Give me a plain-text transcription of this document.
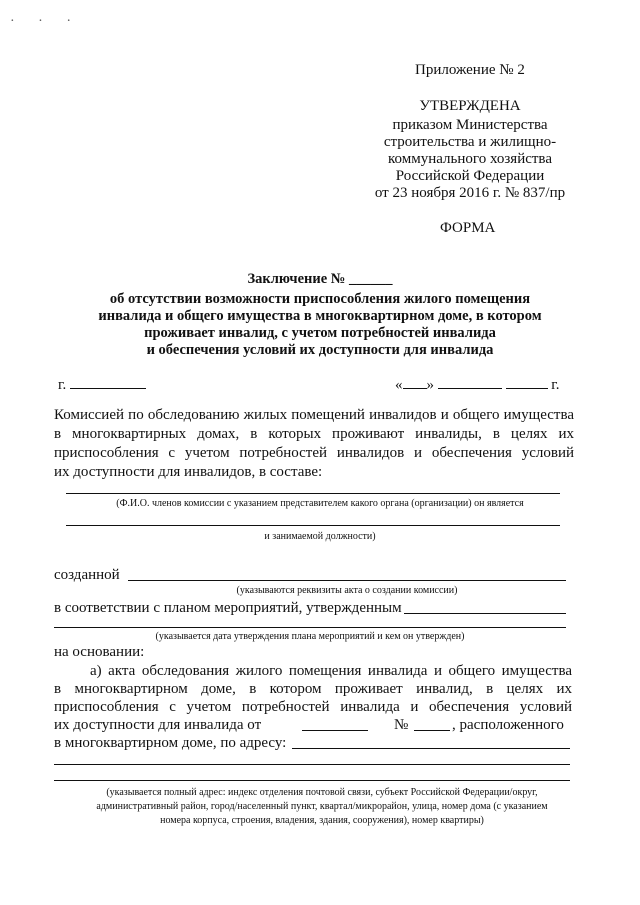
· · ·
Приложение № 2
УТВЕРЖДЕНА
приказом Министерства
строительства и жилищно-
коммунального хозяйства
Российской Федерации
от 23 ноября 2016 г. № 837/пр
ФОРМА
Заключение № ______
об отсутствии возможности приспособления жилого помещения
инвалида и общего имущества в многоквартирном доме, в котором
проживает инвалид, с учетом потребностей инвалида
и обеспечения условий их доступности для инвалида
г.	« »	г.
Комиссией по обследованию жилых помещений инвалидов и общего имущества
в многоквартирных домах, в которых проживают инвалиды, в целях их
приспособления с учетом потребностей инвалидов и обеспечения условий
их доступности для инвалидов, в составе:
(Ф.И.О. членов комиссии с указанием представителем какого органа (организации) он является
и занимаемой должности)
созданной
(указываются реквизиты акта о создании комиссии)
в соответствии с планом мероприятий, утвержденным
(указывается дата утверждения плана мероприятий и кем он утвержден)
на основании:
а) акта обследования жилого помещения инвалида и общего имущества
в многоквартирном доме, в котором проживает инвалид, в целях их
приспособления с учетом потребностей инвалида и обеспечения условий
их доступности для инвалида от	№	, расположенного
в многоквартирном доме, по адресу:
(указывается полный адрес: индекс отделения почтовой связи, субъект Российской Федерации/округ,
административный район, город/населенный пункт, квартал/микрорайон, улица, номер дома (с указанием
номера корпуса, строения, владения, здания, сооружения), номер квартиры)
